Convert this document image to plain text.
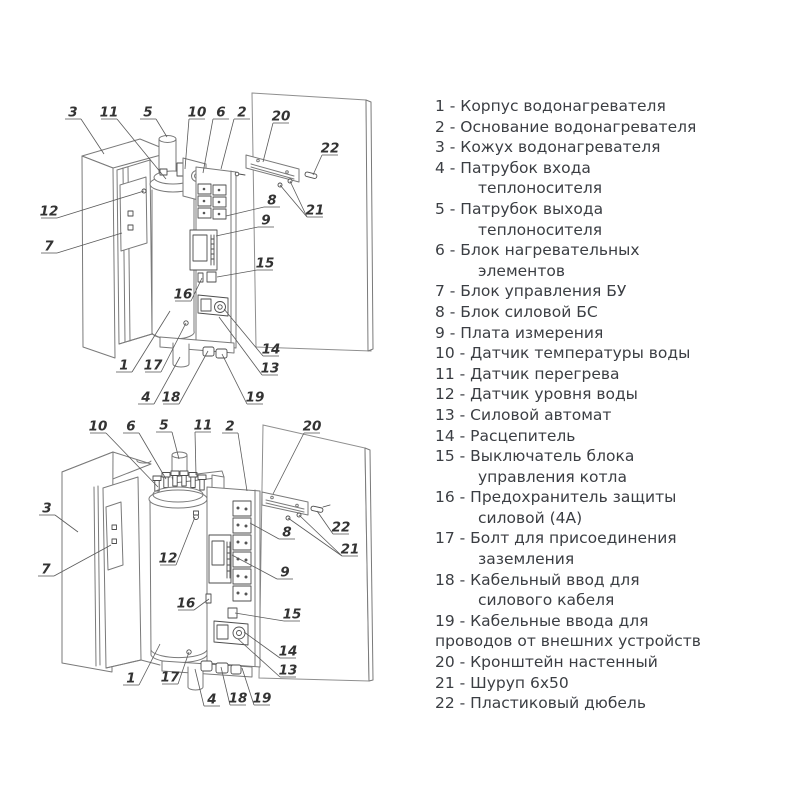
3 11 5	10 6 2 20
22
8
21
9
15
16
14
13
19
18
4
17
1
12
7
10 6 5 11 2	20
3
7
12
22
21
8
9
16
15
14
13
1 17
4 18 19
1 - Корпус водонагревателя
2 - Основание водонагревателя
3 - Кожух водонагревателя
4 - Патрубок входа
теплоносителя
5 - Патрубок выхода
теплоносителя
6 - Блок нагревательных
элементов
7 - Блок управления БУ
8 - Блок силовой БС
9 - Плата измерения
10 - Датчик температуры воды
11 - Датчик перегрева
12 - Датчик уровня воды
13 - Силовой автомат
14 - Расцепитель
15 - Выключатель блока
управления котла
16 - Предохранитель защиты
силовой (4А)
17 - Болт для присоединения
заземления
18 - Кабельный ввод для
силового кабеля
19 - Кабельные ввода для
проводов от внешних устройств
20 - Кронштейн настенный
21 - Шуруп 6х50
22 - Пластиковый дюбель
